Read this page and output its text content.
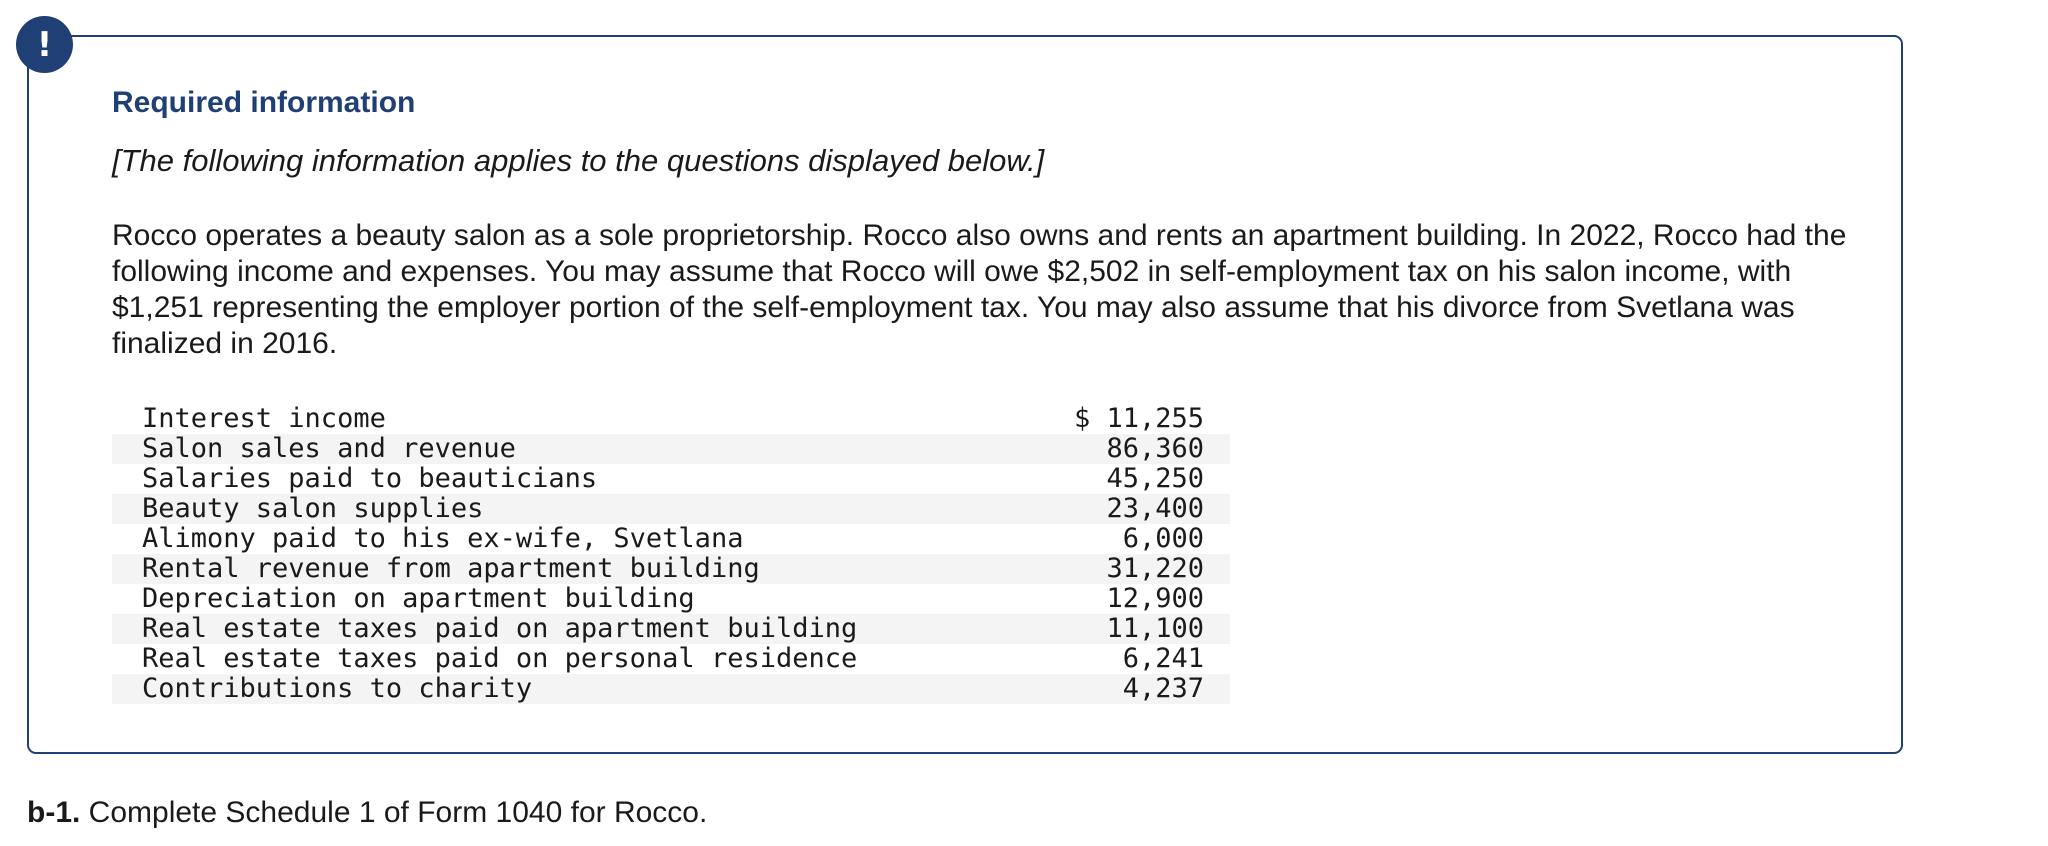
!
Required information
[The following information applies to the questions displayed below.]
Rocco operates a beauty salon as a sole proprietorship. Rocco also owns and rents an apartment building. In 2022, Rocco had the following income and expenses. You may assume that Rocco will owe $2,502 in self-employment tax on his salon income, with $1,251 representing the employer portion of the self-employment tax. You may also assume that his divorce from Svetlana was finalized in 2016.
Interest income	$ 11,255
Salon sales and revenue	86,360
Salaries paid to beauticians	45,250
Beauty salon supplies	23,400
Alimony paid to his ex-wife, Svetlana	6,000
Rental revenue from apartment building	31,220
Depreciation on apartment building	12,900
Real estate taxes paid on apartment building	11,100
Real estate taxes paid on personal residence	6,241
Contributions to charity	4,237
b-1. Complete Schedule 1 of Form 1040 for Rocco.
